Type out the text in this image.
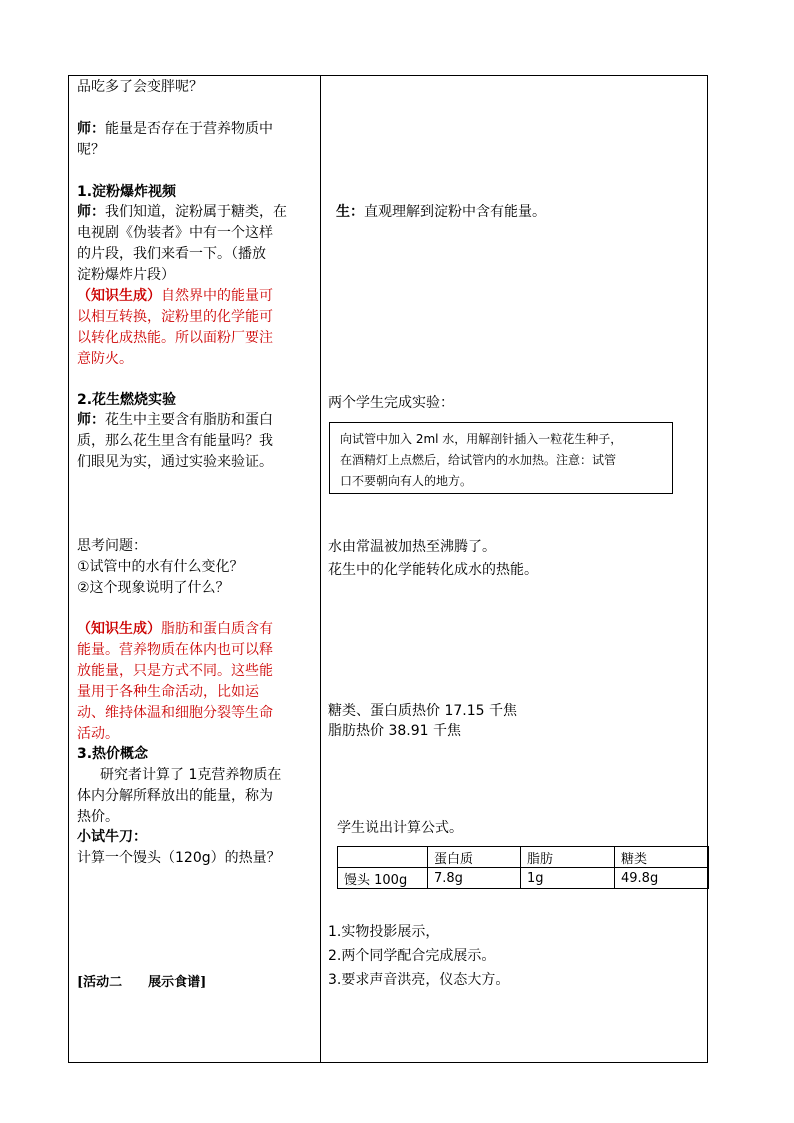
品吃多了会变胖呢？
师：能量是否存在于营养物质中
呢？
1.淀粉爆炸视频
师：我们知道，淀粉属于糖类，在
电视剧《伪装者》中有一个这样
的片段，我们来看一下。（播放
淀粉爆炸片段）
（知识生成）自然界中的能量可
以相互转换，淀粉里的化学能可
以转化成热能。所以面粉厂要注
意防火。
2.花生燃烧实验
师：花生中主要含有脂肪和蛋白
质，那么花生里含有能量吗？我
们眼见为实，通过实验来验证。
思考问题：
①试管中的水有什么变化？
②这个现象说明了什么？
（知识生成）脂肪和蛋白质含有
能量。营养物质在体内也可以释
放能量，只是方式不同。这些能
量用于各种生命活动，比如运
动、维持体温和细胞分裂等生命
活动。
3.热价概念
研究者计算了 1克营养物质在
体内分解所释放出的能量，称为
热价。
小试牛刀：
计算一个馒头（120g）的热量？
[活动二　　展示食谱]
生：直观理解到淀粉中含有能量。
两个学生完成实验：
向试管中加入 2ml 水，用解剖针插入一粒花生种子，
在酒精灯上点燃后，给试管内的水加热。注意：试管
口不要朝向有人的地方。
水由常温被加热至沸腾了。
花生中的化学能转化成水的热能。
糖类、蛋白质热价 17.15 千焦
脂肪热价 38.91 千焦
学生说出计算公式。
	蛋白质	脂肪	糖类
馒头 100g	7.8g	1g	49.8g
1.实物投影展示，
2.两个同学配合完成展示。
3.要求声音洪亮，仪态大方。
